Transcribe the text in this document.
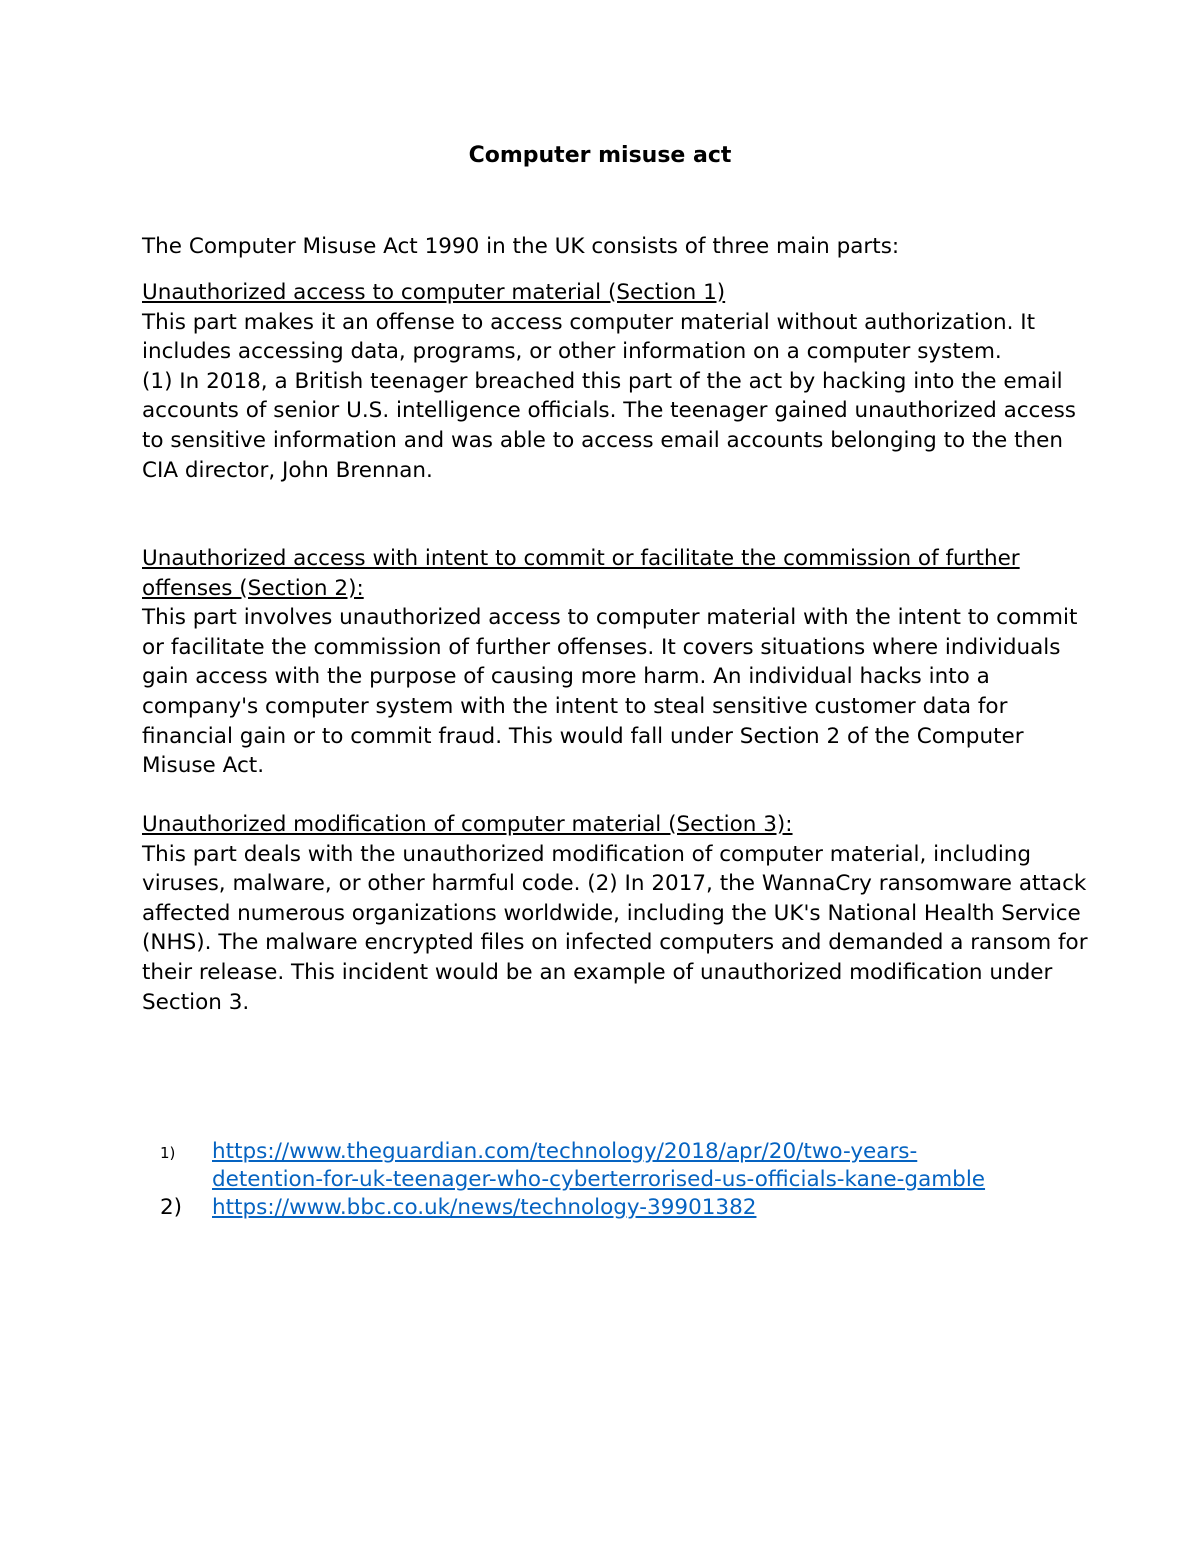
Computer misuse act
The Computer Misuse Act 1990 in the UK consists of three main parts:
Unauthorized access to computer material (Section 1)
This part makes it an offense to access computer material without authorization. It includes accessing data, programs, or other information on a computer system.
(1) In 2018, a British teenager breached this part of the act by hacking into the email accounts of senior U.S. intelligence officials. The teenager gained unauthorized access to sensitive information and was able to access email accounts belonging to the then CIA director, John Brennan.
Unauthorized access with intent to commit or facilitate the commission of further offenses (Section 2):
This part involves unauthorized access to computer material with the intent to commit or facilitate the commission of further offenses. It covers situations where individuals gain access with the purpose of causing more harm. An individual hacks into a company's computer system with the intent to steal sensitive customer data for financial gain or to commit fraud. This would fall under Section 2 of the Computer Misuse Act.
Unauthorized modification of computer material (Section 3):
This part deals with the unauthorized modification of computer material, including viruses, malware, or other harmful code. (2) In 2017, the WannaCry ransomware attack affected numerous organizations worldwide, including the UK's National Health Service (NHS). The malware encrypted files on infected computers and demanded a ransom for their release. This incident would be an example of unauthorized modification under Section 3.
1)	https://www.theguardian.com/technology/2018/apr/20/two-years-detention-for-uk-teenager-who-cyberterrorised-us-officials-kane-gamble
2)	https://www.bbc.co.uk/news/technology-39901382
